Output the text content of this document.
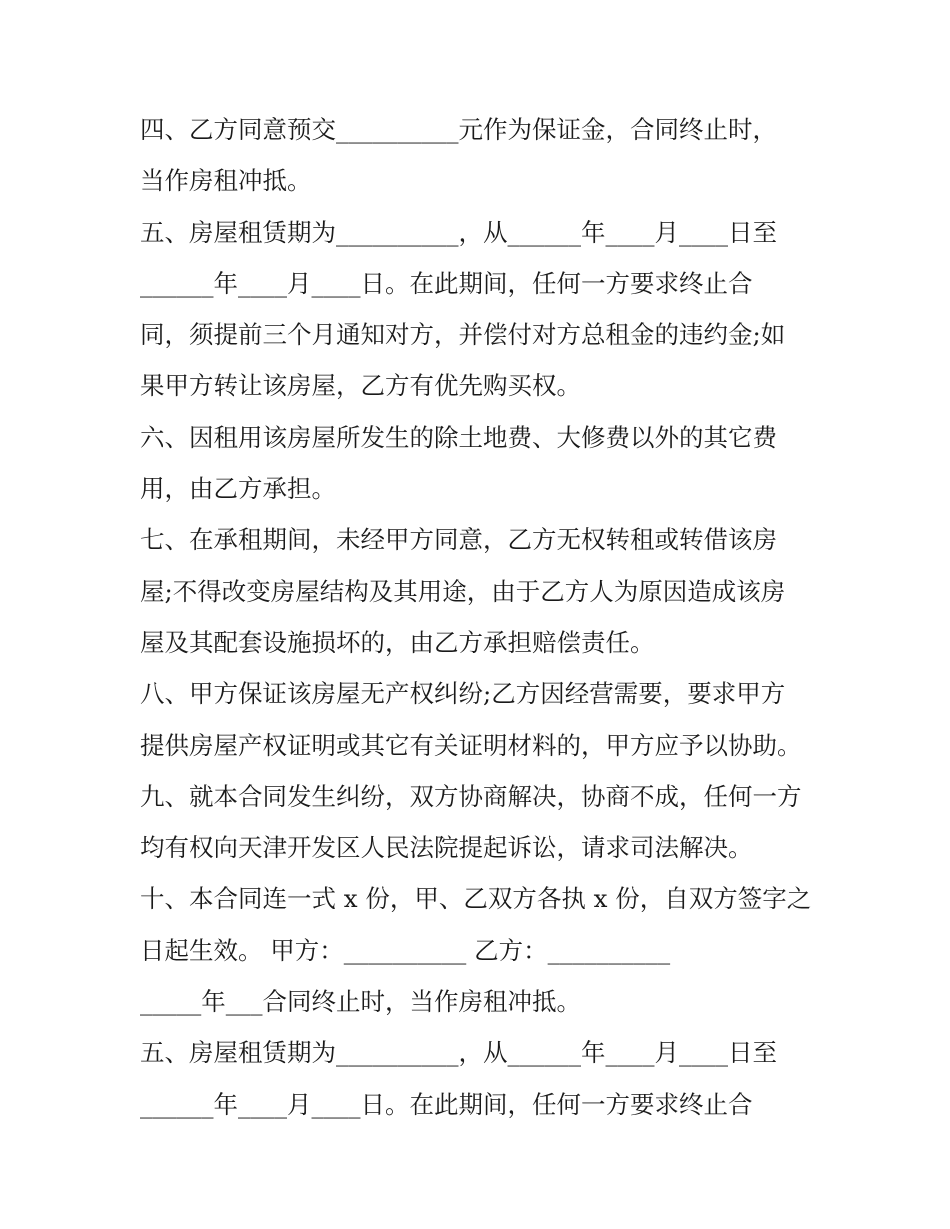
四、乙方同意预交__________元作为保证金，合同终止时，
当作房租冲抵。
五、房屋租赁期为__________，从______年____月____日至
______年____月____日。在此期间，任何一方要求终止合
同，须提前三个月通知对方，并偿付对方总租金的违约金;如
果甲方转让该房屋，乙方有优先购买权。
六、因租用该房屋所发生的除土地费、大修费以外的其它费
用，由乙方承担。
七、在承租期间，未经甲方同意，乙方无权转租或转借该房
屋;不得改变房屋结构及其用途，由于乙方人为原因造成该房
屋及其配套设施损坏的，由乙方承担赔偿责任。
八、甲方保证该房屋无产权纠纷;乙方因经营需要，要求甲方
提供房屋产权证明或其它有关证明材料的，甲方应予以协助。
九、就本合同发生纠纷，双方协商解决，协商不成，任何一方
均有权向天津开发区人民法院提起诉讼，请求司法解决。
十、本合同连一式 x 份，甲、乙双方各执 x 份，自双方签字之
日起生效。 甲方：__________ 乙方：__________
_____年___合同终止时，当作房租冲抵。
五、房屋租赁期为__________，从______年____月____日至
______年____月____日。在此期间，任何一方要求终止合
